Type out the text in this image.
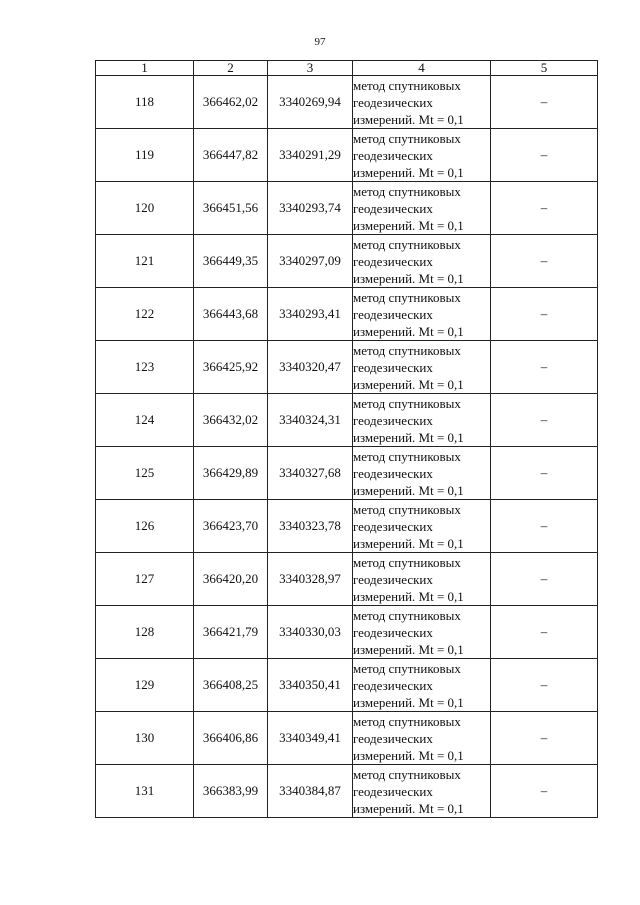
97
1	2	3	4	5
118	366462,02	3340269,94	метод спутниковых
геодезических
измерений. Mt = 0,1	–
119	366447,82	3340291,29	метод спутниковых
геодезических
измерений. Mt = 0,1	–
120	366451,56	3340293,74	метод спутниковых
геодезических
измерений. Mt = 0,1	–
121	366449,35	3340297,09	метод спутниковых
геодезических
измерений. Mt = 0,1	–
122	366443,68	3340293,41	метод спутниковых
геодезических
измерений. Mt = 0,1	–
123	366425,92	3340320,47	метод спутниковых
геодезических
измерений. Mt = 0,1	–
124	366432,02	3340324,31	метод спутниковых
геодезических
измерений. Mt = 0,1	–
125	366429,89	3340327,68	метод спутниковых
геодезических
измерений. Mt = 0,1	–
126	366423,70	3340323,78	метод спутниковых
геодезических
измерений. Mt = 0,1	–
127	366420,20	3340328,97	метод спутниковых
геодезических
измерений. Mt = 0,1	–
128	366421,79	3340330,03	метод спутниковых
геодезических
измерений. Mt = 0,1	–
129	366408,25	3340350,41	метод спутниковых
геодезических
измерений. Mt = 0,1	–
130	366406,86	3340349,41	метод спутниковых
геодезических
измерений. Mt = 0,1	–
131	366383,99	3340384,87	метод спутниковых
геодезических
измерений. Mt = 0,1	–
